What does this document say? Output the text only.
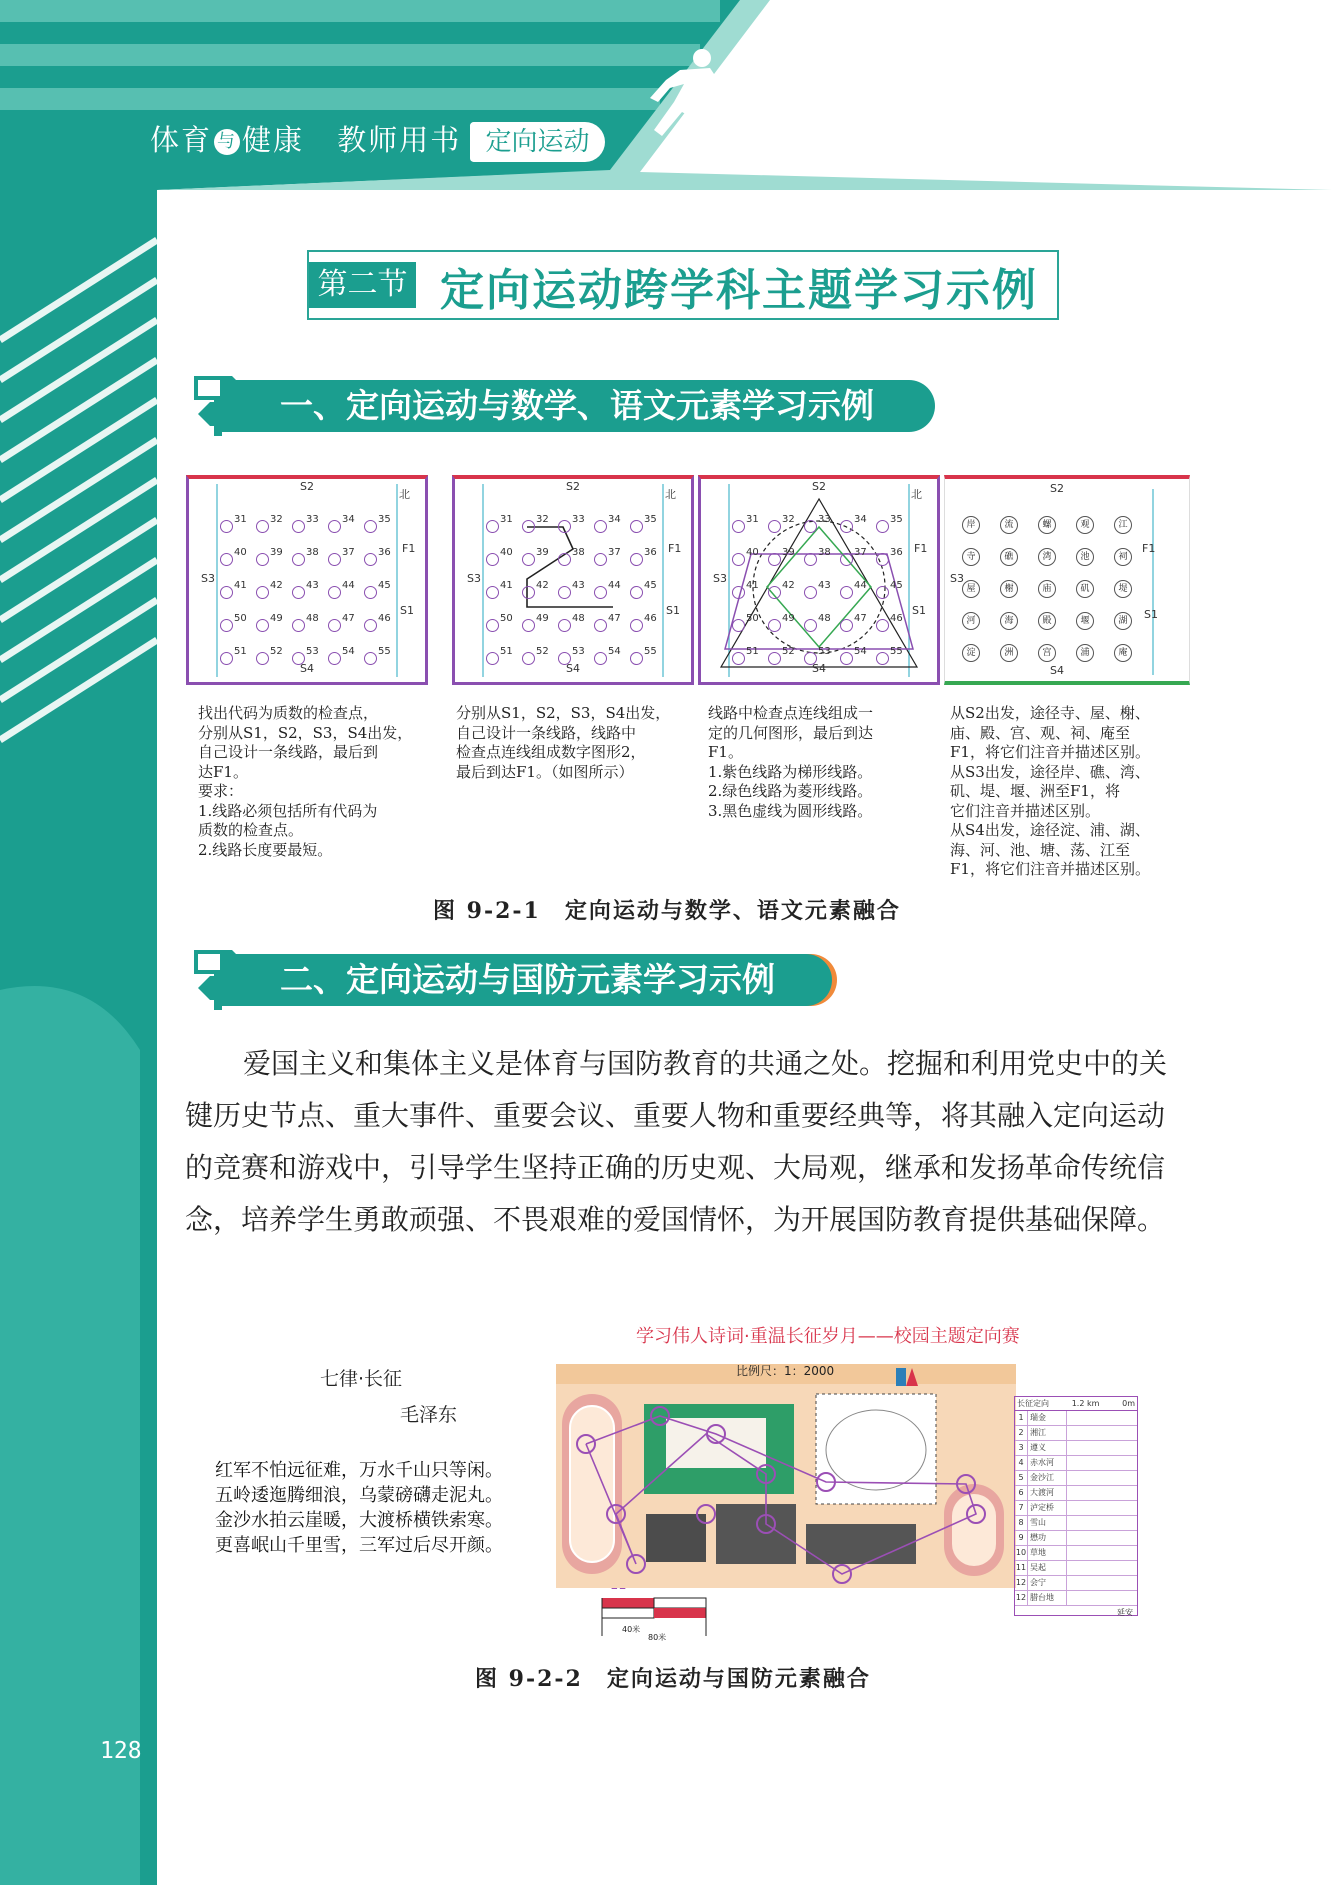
体育 与 健康 教师用书 定向运动
128
第二节 定向运动跨学科主题学习示例
一、定向运动与数学、语文元素学习示例
S2
北
F1
S3
S1
S4
S2
北
F1
S3
S1
S4
S2
北
F1
S3
S1
S4
S2
F1
S3
S1
S4
31 32 33 34 35
40 39 38 37 36
41 42 43 44 45
50 49 48 47 46
51 52 53 54 55
31 32 33 34 35
40 39 38 37 36
41 42 43 44 45
50 49 48 47 46
51 52 53 54 55
31 32 33 34 35
40 39 38 37 36
41 42 43 44 45
50 49 48 47 46
51 52 53 54 55
岸	流	螺	观	江
寺	礁	湾	池	祠
屋	榭	庙	矶	堤
河	海	殿	堰	湖
淀	洲	宫	浦	庵
找出代码为质数的检查点，
分别从S1，S2，S3，S4出发，
自己设计一条线路，最后到
达F1。
要求：
1.线路必须包括所有代码为
质数的检查点。
2.线路长度要最短。
分别从S1，S2，S3，S4出发，
自己设计一条线路，线路中
检查点连线组成数字图形2，
最后到达F1。（如图所示）
线路中检查点连线组成一
定的几何图形，最后到达
F1。
1.紫色线路为梯形线路。
2.绿色线路为菱形线路。
3.黑色虚线为圆形线路。
从S2出发，途径寺、屋、榭、
庙、殿、宫、观、祠、庵至
F1，将它们注音并描述区别。
从S3出发，途径岸、礁、湾、
矶、堤、堰、洲至F1，将
它们注音并描述区别。
从S4出发，途径淀、浦、湖、
海、河、池、塘、荡、江至
F1，将它们注音并描述区别。
图 9-2-1　定向运动与数学、语文元素融合
二、定向运动与国防元素学习示例
爱国主义和集体主义是体育与国防教育的共通之处。挖掘和利用党史中的关键历史节点、重大事件、重要会议、重要人物和重要经典等，将其融入定向运动的竞赛和游戏中，引导学生坚持正确的历史观、大局观，继承和发扬革命传统信念，培养学生勇敢顽强、不畏艰难的爱国情怀，为开展国防教育提供基础保障。
学习伟人诗词·重温长征岁月——校园主题定向赛
七律·长征
毛泽东
红军不怕远征难，万水千山只等闲。
五岭逶迤腾细浪，乌蒙磅礴走泥丸。
金沙水拍云崖暖，大渡桥横铁索寒。
更喜岷山千里雪，三军过后尽开颜。
比例尺：1：2000
40米
80米
长征定向	1.2 km	0m
1 瑞金
2 湘江
3 遵义
4 赤水河
5 金沙江
6 大渡河
7 泸定桥
8 雪山
9 懋功
10 草地
11 吴起
12 会宁
12 腊台地
延安
图 9-2-2　定向运动与国防元素融合
